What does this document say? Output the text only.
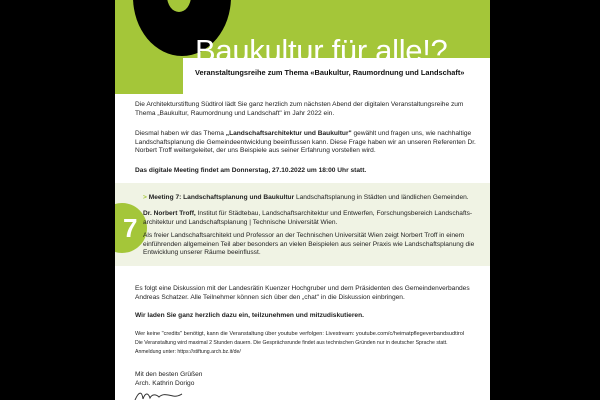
Baukultur für alle!?
Veranstaltungsreihe zum Thema «Baukultur, Raumordnung und Landschaft»
Die Architekturstiftung Südtirol lädt Sie ganz herzlich zum nächsten Abend der digitalen Veranstaltungsreihe zum Thema „Baukultur, Raumordnung und Landschaft" im Jahr 2022 ein.
Diesmal haben wir das Thema „Landschaftsarchitektur und Baukultur" gewählt und fragen uns, wie nachhaltige Landschaftsplanung die Gemeindeentwicklung beeinflussen kann. Diese Frage haben wir an unseren Referenten Dr. Norbert Troff weitergeleitet, der uns Beispiele aus seiner Erfahrung vorstellen wird.
Das digitale Meeting findet am Donnerstag, 27.10.2022 um 18:00 Uhr statt.
7
> Meeting 7: Landschaftsplanung und Baukultur Landschaftsplanung in Städten und ländlichen Gemeinden.
Dr. Norbert Troff, Institut für Städtebau, Landschaftsarchitektur und Entwerfen, Forschungsbereich Landschafts-architektur und Landschaftsplanung | Technische Universität Wien.
Als freier Landschaftsarchitekt und Professor an der Technischen Universität Wien zeigt Norbert Troff in einem einführenden allgemeinen Teil aber besonders an vielen Beispielen aus seiner Praxis wie Landschaftsplanung die Entwicklung unserer Räume beeinflusst.
Es folgt eine Diskussion mit der Landesrätin Kuenzer Hochgruber und dem Präsidenten des Gemeindenverbandes Andreas Schatzer. Alle Teilnehmer können sich über den „chat" in die Diskussion einbringen.
Wir laden Sie ganz herzlich dazu ein, teilzunehmen und mitzudiskutieren.
Wer keine "credits" benötigt, kann die Veranstaltung über youtube verfolgen: Livestream: youtube.com/c/heimatpflegeverbandsudtirol
Die Veranstaltung wird maximal 2 Stunden dauern. Die Gesprächsrunde findet aus technischen Gründen nur in deutscher Sprache statt.
Anmeldung unter: https://stiftung.arch.bz.it/de/
Mit den besten Grüßen
Arch. Kathrin Dorigo
